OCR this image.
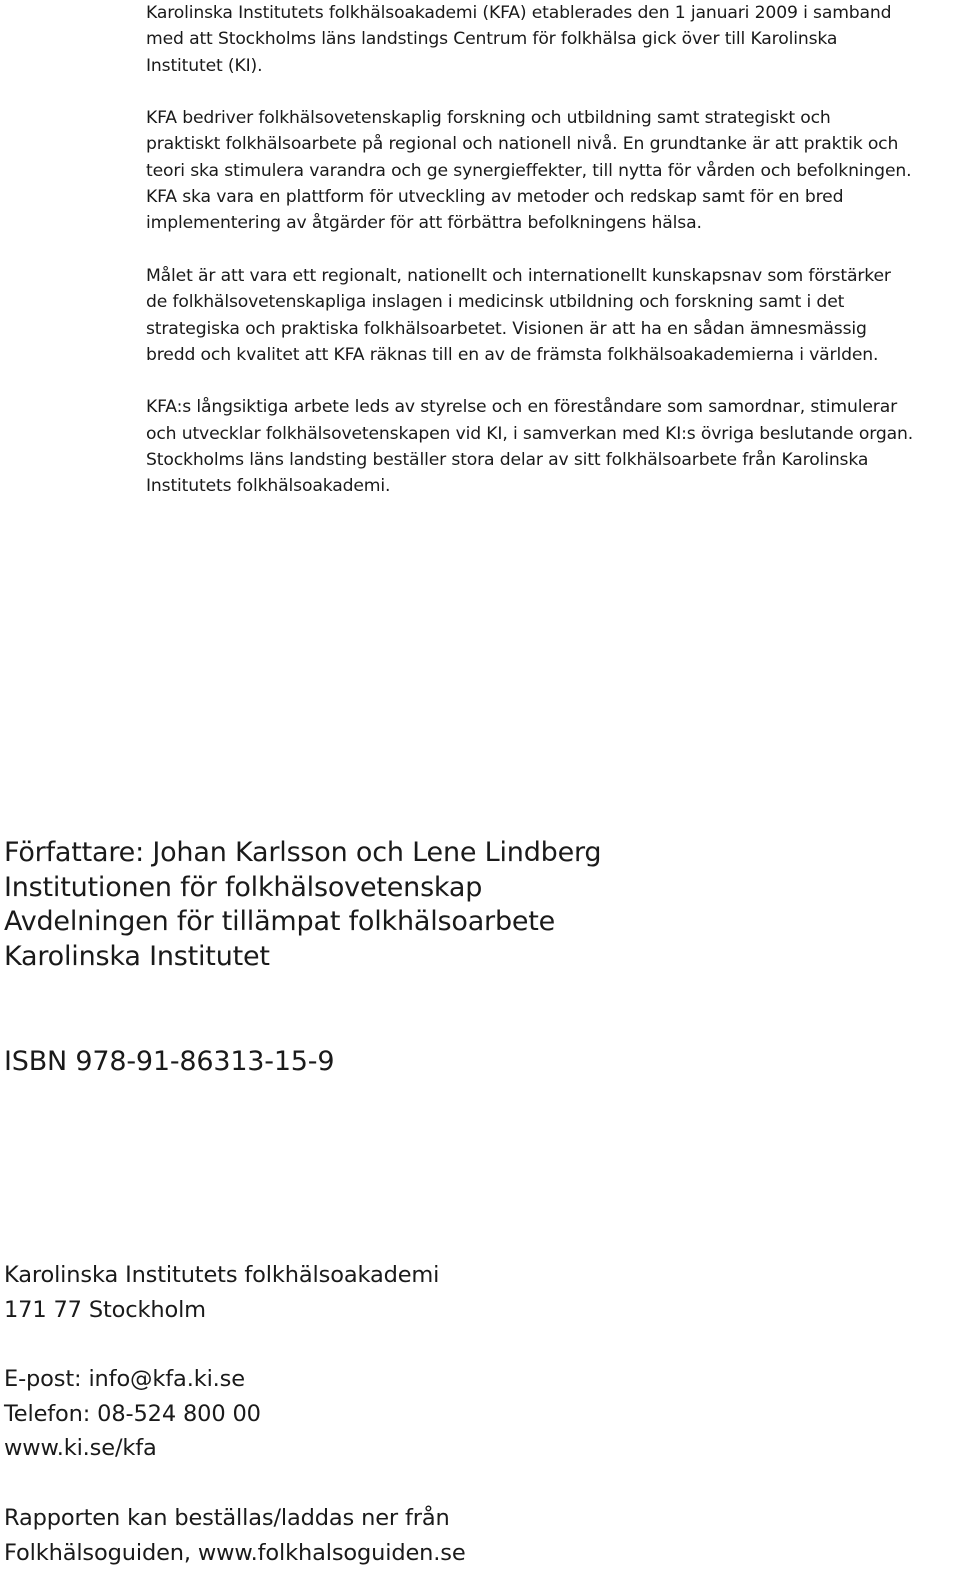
Karolinska Institutets folkhälsoakademi (KFA) etablerades den 1 januari 2009 i samband

med att Stockholms läns landstings Centrum för folkhälsa gick över till Karolinska

Institutet (KI).

KFA bedriver folkhälsovetenskaplig forskning och utbildning samt strategiskt och

praktiskt folkhälsoarbete på regional och nationell nivå. En grundtanke är att praktik och

teori ska stimulera varandra och ge synergieffekter, till nytta för vården och befolkningen.

KFA ska vara en plattform för utveckling av metoder och redskap samt för en bred

implementering av åtgärder för att förbättra befolkningens hälsa.

Målet är att vara ett regionalt, nationellt och internationellt kunskapsnav som förstärker

de folkhälsovetenskapliga inslagen i medicinsk utbildning och forskning samt i det

strategiska och praktiska folkhälsoarbetet. Visionen är att ha en sådan ämnesmässig

bredd och kvalitet att KFA räknas till en av de främsta folkhälsoakademierna i världen.

KFA:s långsiktiga arbete leds av styrelse och en föreståndare som samordnar, stimulerar

och utvecklar folkhälsovetenskapen vid KI, i samverkan med KI:s övriga beslutande organ.

Stockholms läns landsting beställer stora delar av sitt folkhälsoarbete från Karolinska

Institutets folkhälsoakademi.

Författare: Johan Karlsson och Lene Lindberg
Institutionen för folkhälsovetenskap
Avdelningen för tillämpat folkhälsoarbete
Karolinska Institutet
ISBN 978-91-86313-15-9
Karolinska Institutets folkhälsoakademi
171 77 Stockholm
E-post: info@kfa.ki.se
Telefon: 08-524 800 00
www.ki.se/kfa
Rapporten kan beställas/laddas ner från
Folkhälsoguiden, www.folkhalsoguiden.se
